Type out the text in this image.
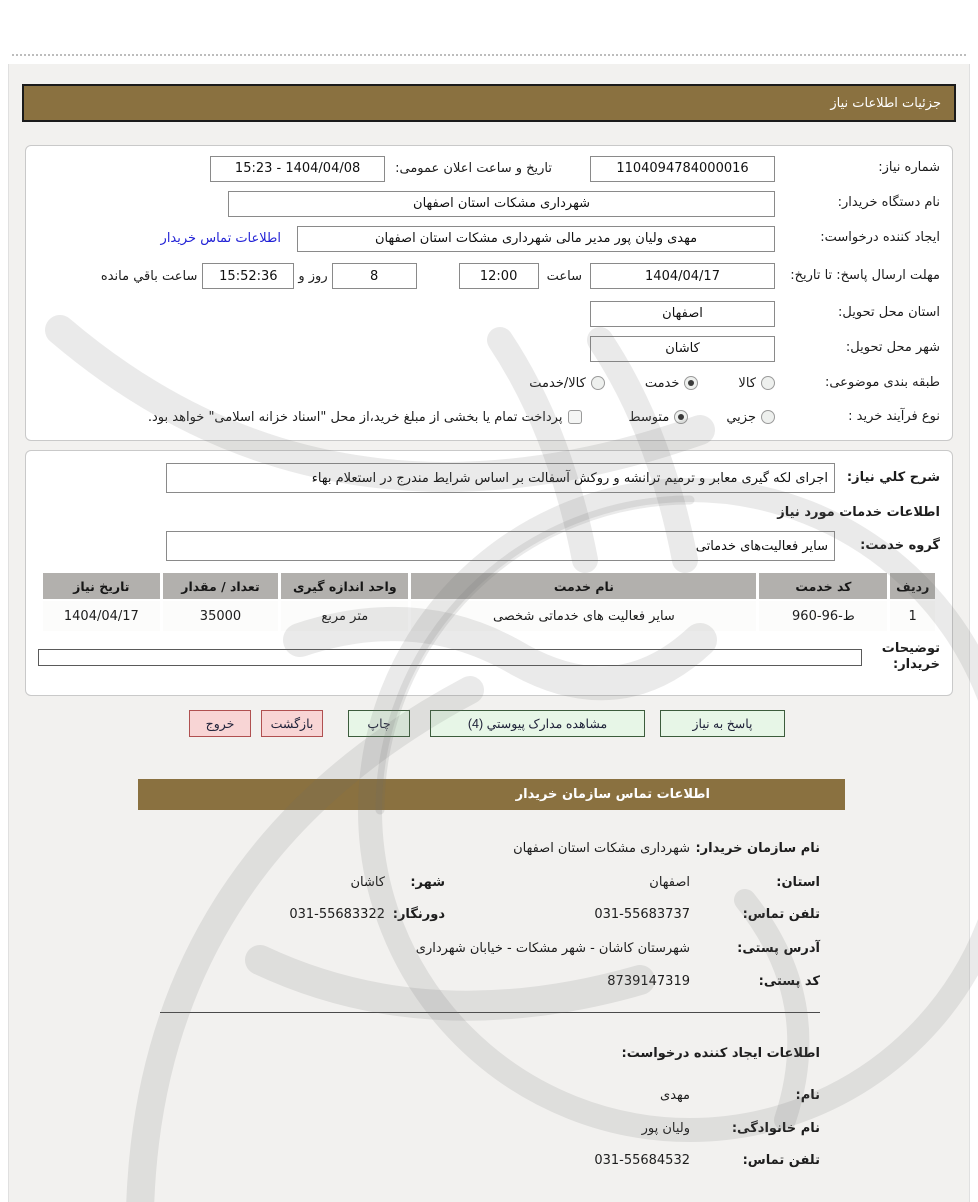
جزئیات اطلاعات نیاز
شماره نیاز:
1104094784000016
تاریخ و ساعت اعلان عمومی:
15:23 - 1404/04/08
نام دستگاه خریدار:
شهرداری مشکات استان اصفهان
ایجاد کننده درخواست:
مهدی ولیان پور مدیر مالی شهرداری مشکات استان اصفهان
اطلاعات تماس خریدار
مهلت ارسال پاسخ: تا تاریخ:
1404/04/17
ساعت
12:00
8
روز و
15:52:36
ساعت باقي مانده
استان محل تحویل:
اصفهان
شهر محل تحویل:
کاشان
طبقه بندی موضوعی:
کالا
خدمت
کالا/خدمت
نوع فرآیند خرید :
جزيي
متوسط
پرداخت تمام یا بخشی از مبلغ خرید،از محل "اسناد خزانه اسلامی" خواهد بود.
شرح کلي نیاز:
اجرای لکه گیری معابر و ترمیم ترانشه و روکش آسفالت بر اساس شرایط مندرج در استعلام بهاء
اطلاعات خدمات مورد نیاز
گروه خدمت:
سایر فعالیت‌های خدماتی
ردیف	کد خدمت	نام خدمت	واحد اندازه گیری	تعداد / مقدار	تاریخ نیاز
1	ط-96-960	سایر فعالیت های خدماتی شخصی	متر مربع	35000	1404/04/17
توضیحات خریدار:
پاسخ به نیاز
مشاهده مدارک پیوستي (4)
چاپ
بازگشت
خروج
اطلاعات تماس سازمان خریدار
نام سازمان خریدار:
شهرداری مشکات استان اصفهان
استان:
اصفهان
شهر:
کاشان
تلفن تماس:
031-55683737
دورنگار:
031-55683322
آدرس پستی:
شهرستان کاشان - شهر مشکات - خیابان شهرداری
کد پستی:
8739147319
اطلاعات ایجاد کننده درخواست:
نام:
مهدی
نام خانوادگی:
ولیان پور
تلفن تماس:
031-55684532
